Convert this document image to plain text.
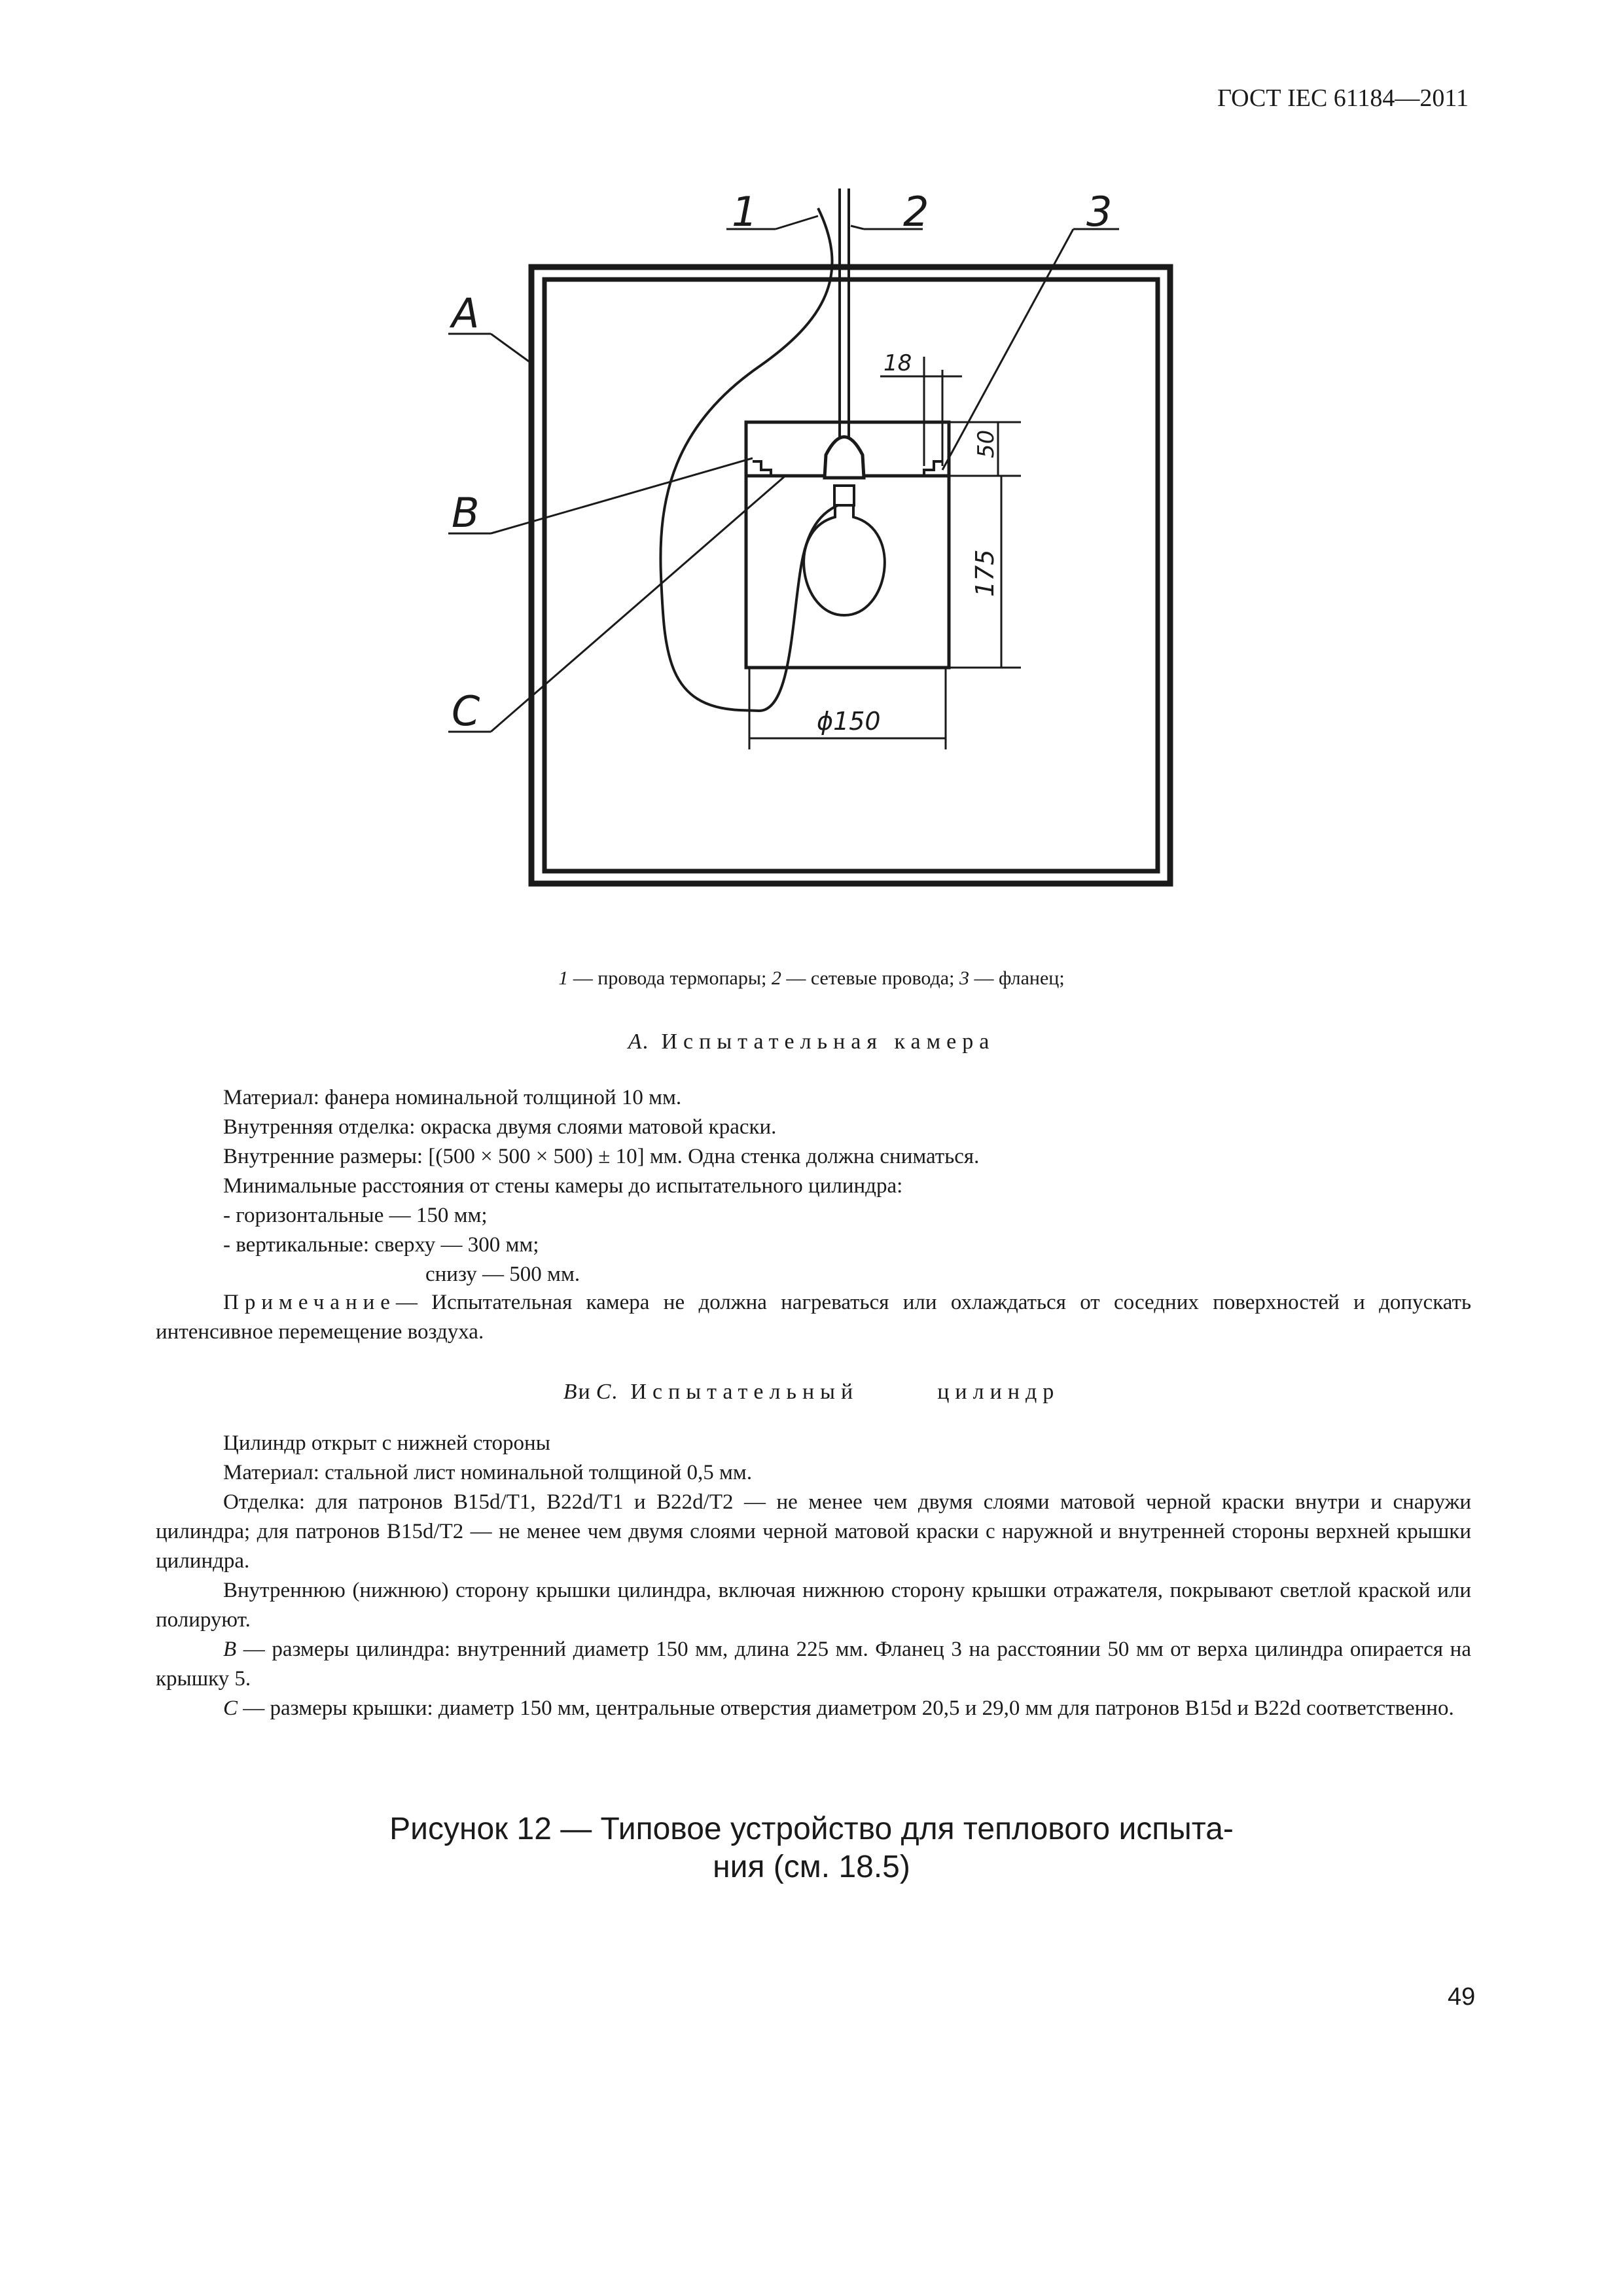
ГОСТ IEC 61184—2011
18
50
175
ϕ150
1	2	3
A
B
C
1 — провода термопары; 2 — сетевые провода; 3 — фланец;
А. Испытательная камера

Материал: фанера номинальной толщиной 10 мм.

Внутренняя отделка: окраска двумя слоями матовой краски.

Внутренние размеры: [(500 × 500 × 500) ± 10] мм. Одна стенка должна сниматься.

Минимальные расстояния от стены камеры до испытательного цилиндра:

- горизонтальные — 150 мм;

- вертикальные: сверху — 300 мм;

снизу — 500 мм.

Примечание— Испытательная камера не должна нагреваться или охлаждаться от соседних поверхностей и допускать интенсивное перемещение воздуха.

ВиС. Испытательный	цилиндр

Цилиндр открыт с нижней стороны

Материал: стальной лист номинальной толщиной 0,5 мм.

Отделка: для патронов B15d/T1, B22d/T1 и B22d/T2 — не менее чем двумя слоями матовой черной краски внутри и снаружи цилиндра; для патронов B15d/T2 — не менее чем двумя слоями черной матовой краски с наружной и внутренней стороны верхней крышки цилиндра.

Внутреннюю (нижнюю) сторону крышки цилиндра, включая нижнюю сторону крышки отражателя, покрывают светлой краской или полируют.

B — размеры цилиндра: внутренний диаметр 150 мм, длина 225 мм. Фланец 3 на расстоянии 50 мм от верха цилиндра опирается на крышку 5.

C — размеры крышки: диаметр 150 мм, центральные отверстия диаметром 20,5 и 29,0 мм для патронов B15d и B22d соответственно.

Рисунок 12 — Типовое устройство для теплового испыта-
ния (см. 18.5)
49
